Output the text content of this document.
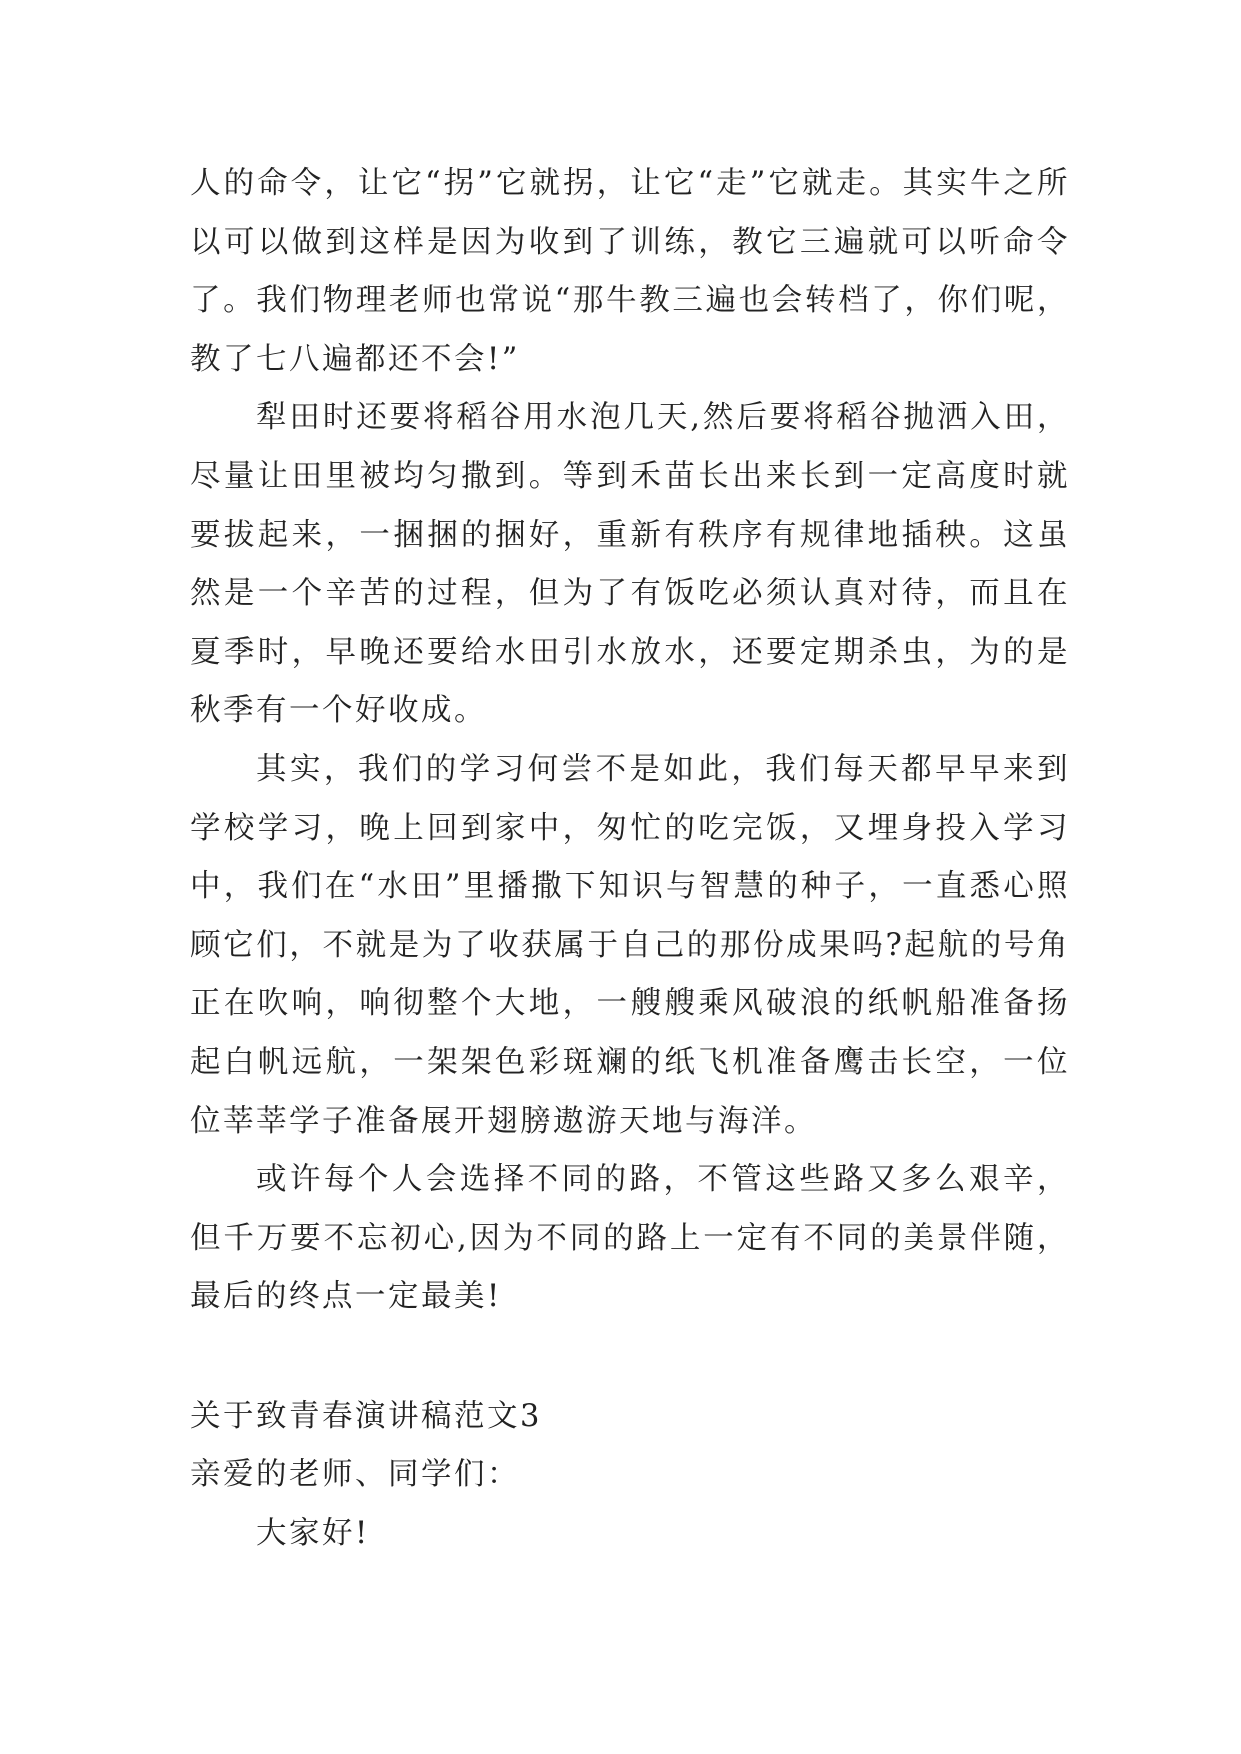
人的命令，让它“拐”它就拐，让它“走”它就走。其实牛之所以可以做到这样是因为收到了训练，教它三遍就可以听命令了。我们物理老师也常说“那牛教三遍也会转档了，你们呢，教了七八遍都还不会!”

犁田时还要将稻谷用水泡几天,然后要将稻谷抛洒入田，尽量让田里被均匀撒到。等到禾苗长出来长到一定高度时就要拔起来，一捆捆的捆好，重新有秩序有规律地插秧。这虽然是一个辛苦的过程，但为了有饭吃必须认真对待，而且在夏季时，早晚还要给水田引水放水，还要定期杀虫，为的是秋季有一个好收成。

其实，我们的学习何尝不是如此，我们每天都早早来到学校学习，晚上回到家中，匆忙的吃完饭，又埋身投入学习中，我们在“水田”里播撒下知识与智慧的种子，一直悉心照顾它们，不就是为了收获属于自己的那份成果吗?起航的号角正在吹响，响彻整个大地，一艘艘乘风破浪的纸帆船准备扬起白帆远航，一架架色彩斑斓的纸飞机准备鹰击长空，一位位莘莘学子准备展开翅膀遨游天地与海洋。

或许每个人会选择不同的路，不管这些路又多么艰辛，但千万要不忘初心,因为不同的路上一定有不同的美景伴随，最后的终点一定最美!

关于致青春演讲稿范文3

亲爱的老师、同学们：

大家好!
